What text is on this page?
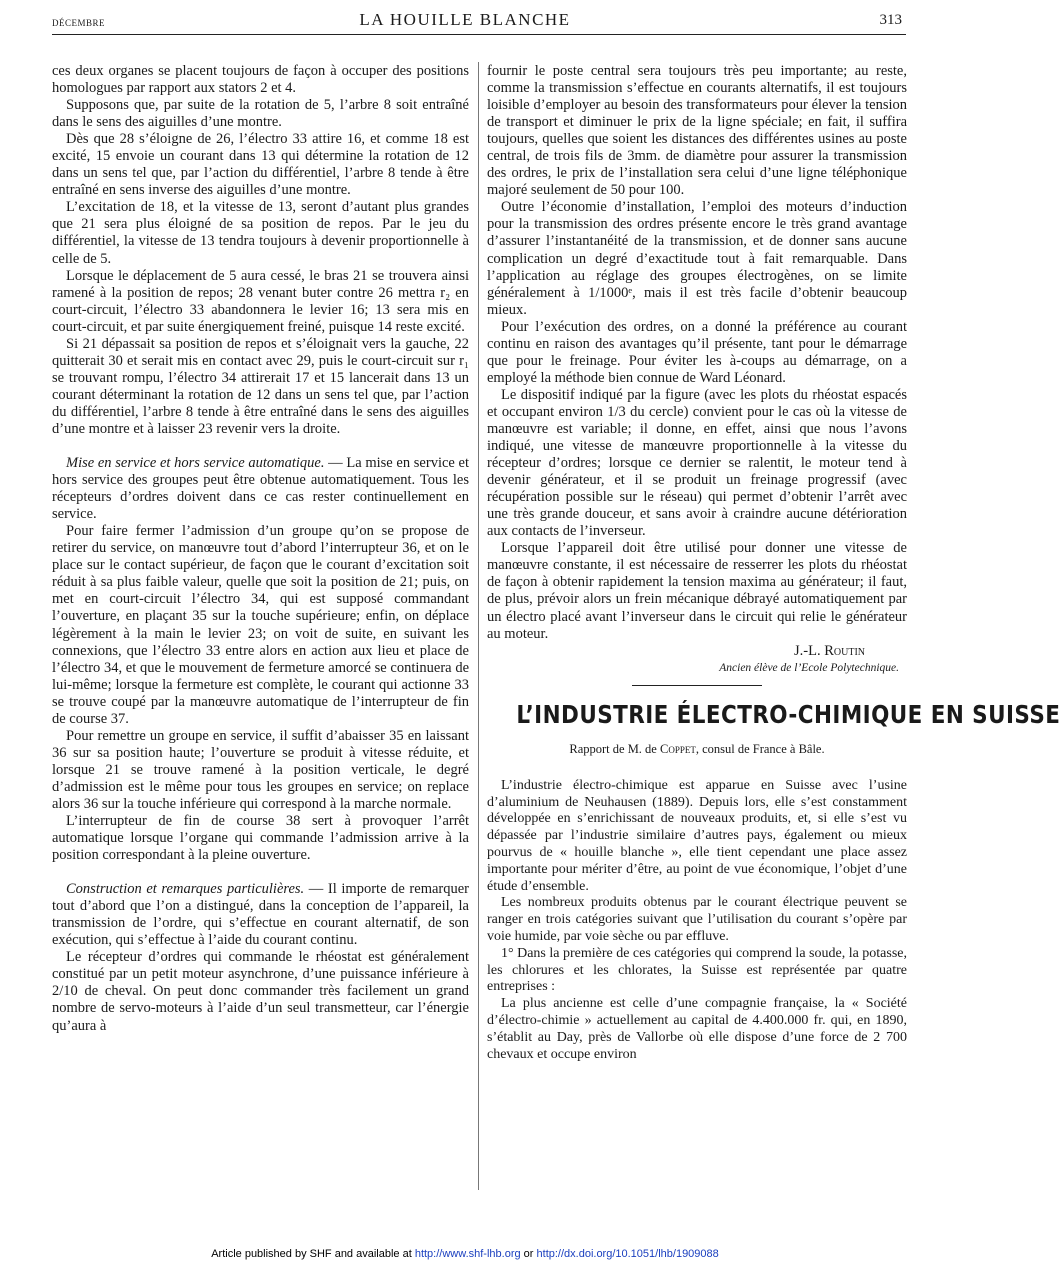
DÉCEMBRE	LA HOUILLE BLANCHE	313

ces deux organes se placent toujours de façon à occuper des positions homologues par rapport aux stators 2 et 4.

Supposons que, par suite de la rotation de 5, l’arbre 8 soit entraîné dans le sens des aiguilles d’une montre.

Dès que 28 s’éloigne de 26, l’électro 33 attire 16, et comme 18 est excité, 15 envoie un courant dans 13 qui détermine la rotation de 12 dans un sens tel que, par l’action du différentiel, l’arbre 8 tende à être entraîné en sens inverse des aiguilles d’une montre.

L’excitation de 18, et la vitesse de 13, seront d’autant plus grandes que 21 sera plus éloigné de sa position de repos. Par le jeu du différentiel, la vitesse de 13 tendra toujours à devenir proportionnelle à celle de 5.

Lorsque le déplacement de 5 aura cessé, le bras 21 se trouvera ainsi ramené à la position de repos; 28 venant buter contre 26 mettra r₂ en court-circuit, l’électro 33 abandonnera le levier 16; 13 sera mis en court-circuit, et par suite énergiquement freiné, puisque 14 reste excité.

Si 21 dépassait sa position de repos et s’éloignait vers la gauche, 22 quitterait 30 et serait mis en contact avec 29, puis le court-circuit sur r₁ se trouvant rompu, l’électro 34 attirerait 17 et 15 lancerait dans 13 un courant déterminant la rotation de 12 dans un sens tel que, par l’action du différentiel, l’arbre 8 tende à être entraîné dans le sens des aiguilles d’une montre et à laisser 23 revenir vers la droite.

Mise en service et hors service automatique. — La mise en service et hors service des groupes peut être obtenue automatiquement. Tous les récepteurs d’ordres doivent dans ce cas rester continuellement en service.

Pour faire fermer l’admission d’un groupe qu’on se propose de retirer du service, on manœuvre tout d’abord l’interrupteur 36, et on le place sur le contact supérieur, de façon que le courant d’excitation soit réduit à sa plus faible valeur, quelle que soit la position de 21; puis, on met en court-circuit l’électro 34, qui est supposé commandant l’ouverture, en plaçant 35 sur la touche supérieure; enfin, on déplace légèrement à la main le levier 23; on voit de suite, en suivant les connexions, que l’électro 33 entre alors en action aux lieu et place de l’électro 34, et que le mouvement de fermeture amorcé se continuera de lui-même; lorsque la fermeture est complète, le courant qui actionne 33 se trouve coupé par la manœuvre automatique de l’interrupteur de fin de course 37.

Pour remettre un groupe en service, il suffit d’abaisser 35 en laissant 36 sur sa position haute; l’ouverture se produit à vitesse réduite, et lorsque 21 se trouve ramené à la position verticale, le degré d’admission est le même pour tous les groupes en service; on replace alors 36 sur la touche inférieure qui correspond à la marche normale.

L’interrupteur de fin de course 38 sert à provoquer l’arrêt automatique lorsque l’organe qui commande l’admission arrive à la position correspondant à la pleine ouverture.

Construction et remarques particulières. — Il importe de remarquer tout d’abord que l’on a distingué, dans la conception de l’appareil, la transmission de l’ordre, qui s’effectue en courant alternatif, de son exécution, qui s’effectue à l’aide du courant continu.

Le récepteur d’ordres qui commande le rhéostat est généralement constitué par un petit moteur asynchrone, d’une puissance inférieure à 2/10 de cheval. On peut donc commander très facilement un grand nombre de servo-moteurs à l’aide d’un seul transmetteur, car l’énergie qu’aura à

fournir le poste central sera toujours très peu importante; au reste, comme la transmission s’effectue en courants alternatifs, il est toujours loisible d’employer au besoin des transformateurs pour élever la tension de transport et diminuer le prix de la ligne spéciale; en fait, il suffira toujours, quelles que soient les distances des différentes usines au poste central, de trois fils de 3mm. de diamètre pour assurer la transmission des ordres, le prix de l’installation sera celui d’une ligne téléphonique majoré seulement de 50 pour 100.

Outre l’économie d’installation, l’emploi des moteurs d’induction pour la transmission des ordres présente encore le très grand avantage d’assurer l’instantanéité de la transmission, et de donner sans aucune complication un degré d’exactitude tout à fait remarquable. Dans l’application au réglage des groupes électrogènes, on se limite généralement à 1/1000ᵉ, mais il est très facile d’obtenir beaucoup mieux.

Pour l’exécution des ordres, on a donné la préférence au courant continu en raison des avantages qu’il présente, tant pour le démarrage que pour le freinage. Pour éviter les à-coups au démarrage, on a employé la méthode bien connue de Ward Léonard.

Le dispositif indiqué par la figure (avec les plots du rhéostat espacés et occupant environ 1/3 du cercle) convient pour le cas où la vitesse de manœuvre est variable; il donne, en effet, ainsi que nous l’avons indiqué, une vitesse de manœuvre proportionnelle à la vitesse du récepteur d’ordres; lorsque ce dernier se ralentit, le moteur tend à devenir générateur, et il se produit un freinage progressif (avec récupération possible sur le réseau) qui permet d’obtenir l’arrêt avec une très grande douceur, et sans avoir à craindre aucune détérioration aux contacts de l’inverseur.

Lorsque l’appareil doit être utilisé pour donner une vitesse de manœuvre constante, il est nécessaire de resserrer les plots du rhéostat de façon à obtenir rapidement la tension maxima au générateur; il faut, de plus, prévoir alors un frein mécanique débrayé automatiquement par un électro placé avant l’inverseur dans le circuit qui relie le générateur au moteur.

J.-L. Routin

Ancien élève de l’Ecole Polytechnique.

L’INDUSTRIE ÉLECTRO-CHIMIQUE EN SUISSE
Rapport de M. de Coppet, consul de France à Bâle.

L’industrie électro-chimique est apparue en Suisse avec l’usine d’aluminium de Neuhausen (1889). Depuis lors, elle s’est constamment développée en s’enrichissant de nouveaux produits, et, si elle s’est vu dépassée par l’industrie similaire d’autres pays, également ou mieux pourvus de « houille blanche », elle tient cependant une place assez importante pour mériter d’être, au point de vue économique, l’objet d’une étude d’ensemble.

Les nombreux produits obtenus par le courant électrique peuvent se ranger en trois catégories suivant que l’utilisation du courant s’opère par voie humide, par voie sèche ou par effluve.

1° Dans la première de ces catégories qui comprend la soude, la potasse, les chlorures et les chlorates, la Suisse est représentée par quatre entreprises :

La plus ancienne est celle d’une compagnie française, la « Société d’électro-chimie » actuellement au capital de 4.400.000 fr. qui, en 1890, s’établit au Day, près de Vallorbe où elle dispose d’une force de 2 700 chevaux et occupe environ

Article published by SHF and available at http://www.shf-lhb.org or http://dx.doi.org/10.1051/lhb/1909088
